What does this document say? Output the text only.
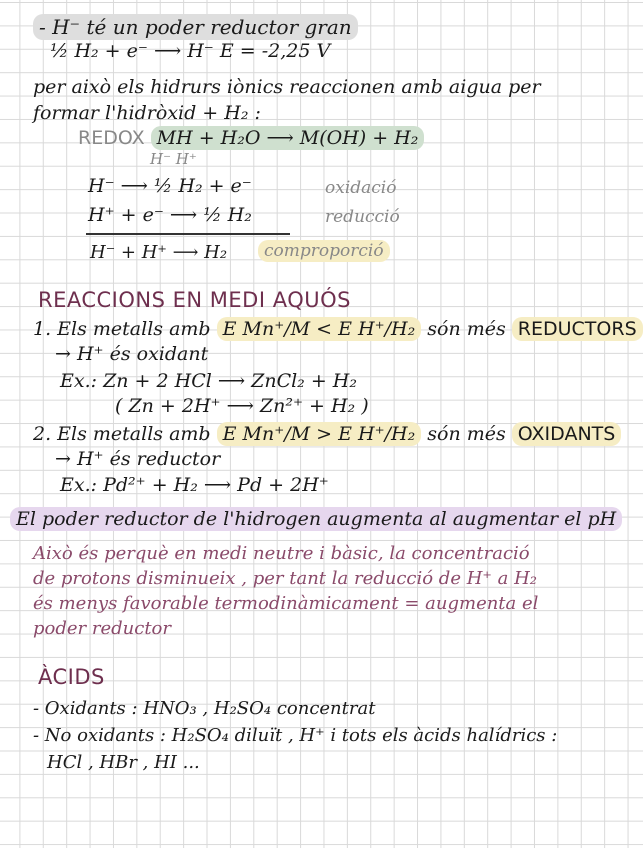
- H⁻ té un poder reductor gran
½ H₂ + e⁻ ⟶ H⁻ E = -2,25 V
per això els hidrurs iònics reaccionen amb aigua per
formar l'hidròxid + H₂ :
REDOX MH + H₂O ⟶ M(OH) + H₂
H⁻ H⁺
H⁻ ⟶ ½ H₂ + e⁻	oxidació
H⁺ + e⁻ ⟶ ½ H₂	reducció
H⁻ + H⁺ ⟶ H₂	comproporció
REACCIONS EN MEDI AQUÓS
1. Els metalls amb E Mn⁺/M < E H⁺/H₂ són més REDUCTORS
→ H⁺ és oxidant
Ex.: Zn + 2 HCl ⟶ ZnCl₂ + H₂
( Zn + 2H⁺ ⟶ Zn²⁺ + H₂ )
2. Els metalls amb E Mn⁺/M > E H⁺/H₂ són més OXIDANTS
→ H⁺ és reductor
Ex.: Pd²⁺ + H₂ ⟶ Pd + 2H⁺
El poder reductor de l'hidrogen augmenta al augmentar el pH
Això és perquè en medi neutre i bàsic, la concentració
de protons disminueix , per tant la reducció de H⁺ a H₂
és menys favorable termodinàmicament = augmenta el
poder reductor
ÀCIDS
- Oxidants : HNO₃ , H₂SO₄ concentrat
- No oxidants : H₂SO₄ diluït , H⁺ i tots els àcids halídrics :
HCl , HBr , HI ...
